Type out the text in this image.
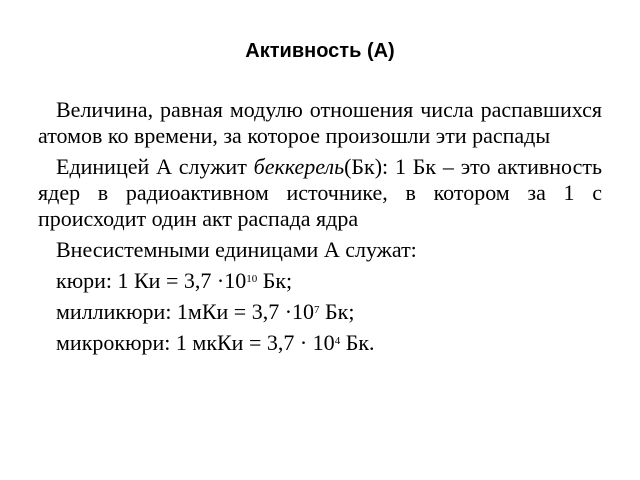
Активность (А)

Величина, равная модулю отношения числа распавшихся атомов ко времени, за которое произошли эти распады

Единицей А служит беккерель(Бк): 1 Бк – это активность ядер в радиоактивном источнике, в котором за 1 с происходит один акт распада ядра

Внесистемными единицами А служат:

кюри: 1 Ки = $3,7 \cdot 10^{10}$ Бк;

милликюри: $1мКи = 3,7 \cdot 10^7$ Бк;

микрокюри: 1 мкКи = $3,7 \cdot 10^4$ Бк.
